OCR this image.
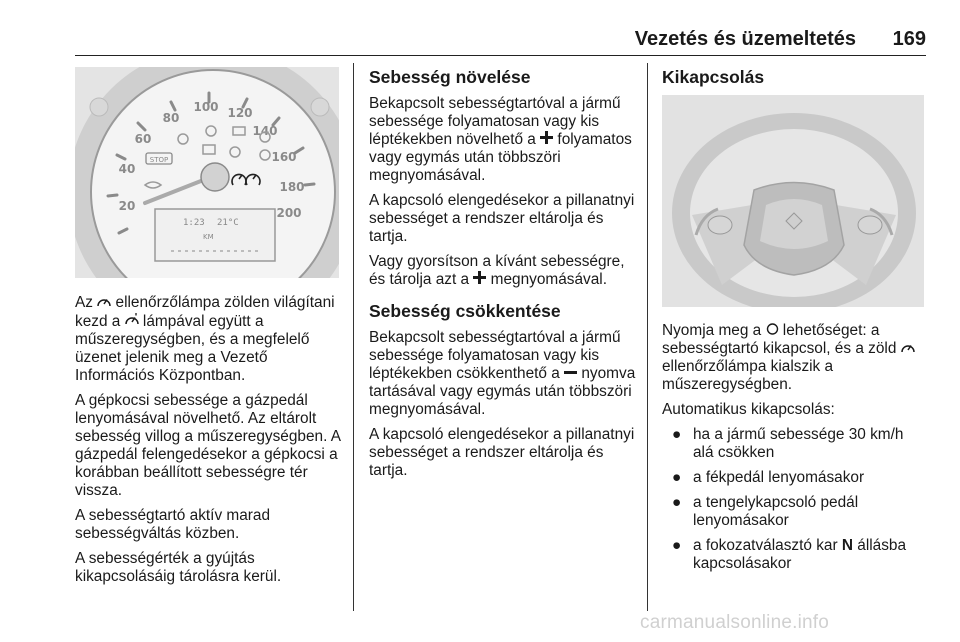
Vezetés és üzemeltetés 169
20
40
60
80
100 120
140
160
180
200
STOP
1:23 21°C
KM

Az  ellenőrzőlámpa zölden világítani kezd a  lámpával együtt a műszeregységben, és a megfelelő üzenet jelenik meg a Vezető Információs Központban.

A gépkocsi sebessége a gázpedál lenyomásával növelhető. Az eltárolt sebesség villog a műszeregységben. A gázpedál felengedésekor a gépkocsi a korábban beállított sebességre tér vissza.

A sebességtartó aktív marad sebességváltás közben.

A sebességérték a gyújtás kikapcsolásáig tárolásra kerül.

Sebesség növelése

Bekapcsolt sebességtartóval a jármű sebessége folyamatosan vagy kis léptékekben növelhető a  folyamatos vagy egymás után többszöri megnyomásával.

A kapcsoló elengedésekor a pillanatnyi sebességet a rendszer eltárolja és tartja.

Vagy gyorsítson a kívánt sebességre, és tárolja azt a  megnyomásával.

Sebesség csökkentése

Bekapcsolt sebességtartóval a jármű sebessége folyamatosan vagy kis léptékekben csökkenthető a  nyomva tartásával vagy egymás után többszöri megnyomásával.

A kapcsoló elengedésekor a pillanatnyi sebességet a rendszer eltárolja és tartja.

Kikapcsolás

Nyomja meg a  lehetőséget: a sebességtartó kikapcsol, és a zöld  ellenőrzőlámpa kialszik a műszeregységben.

Automatikus kikapcsolás:

● ha a jármű sebessége 30 km/h alá csökken
● a fékpedál lenyomásakor
● a tengelykapcsoló pedál lenyomásakor
● a fokozatválasztó kar N állásba kapcsolásakor
carmanualsonline.info
